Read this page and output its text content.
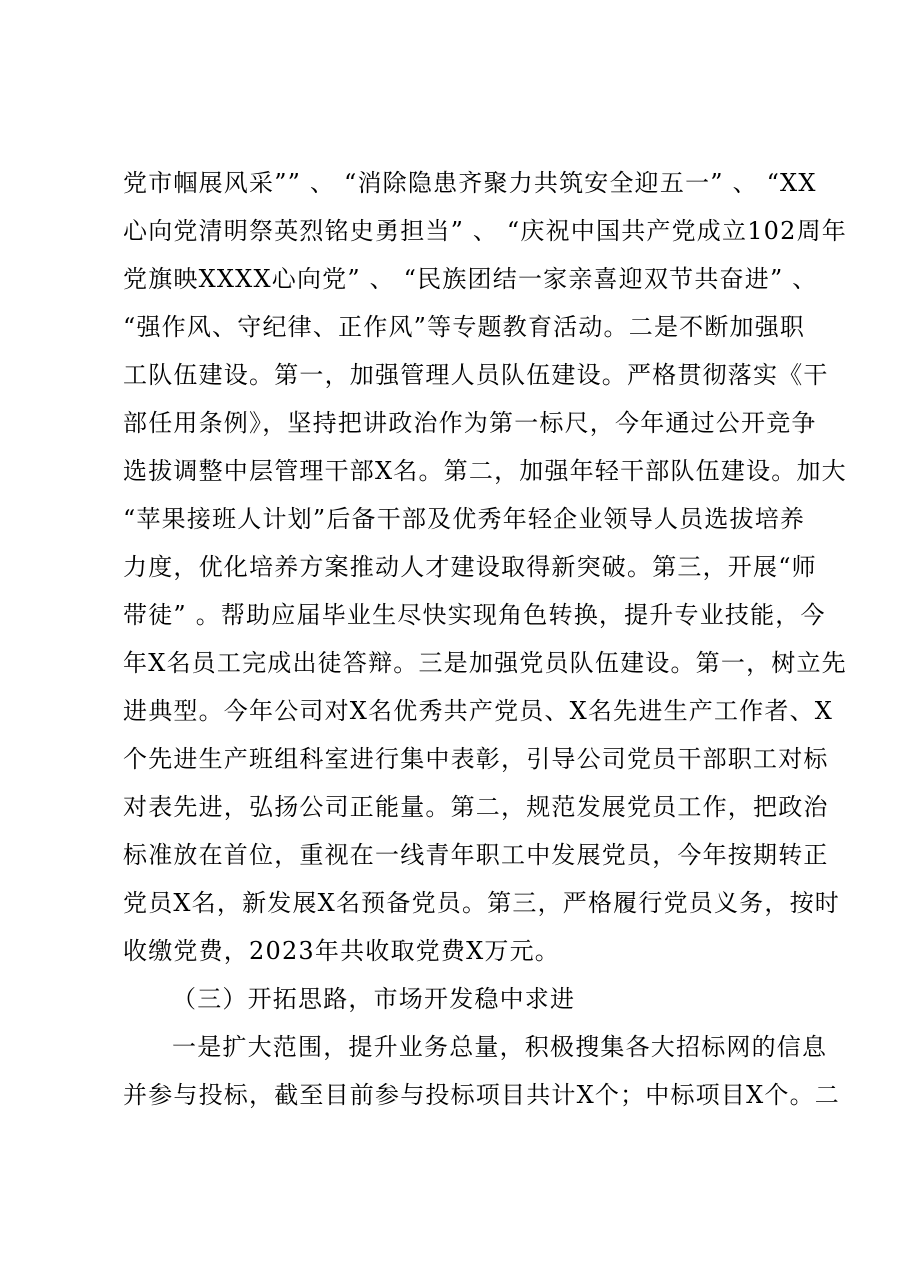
党市帼展风采”” 、 “消除隐患齐聚力共筑安全迎五一” 、 “XX
心向党清明祭英烈铭史勇担当” 、 “庆祝中国共产党成立102周年
党旗映XXXX心向党” 、 “民族团结一家亲喜迎双节共奋进” 、
“强作风、守纪律、正作风”等专题教育活动。二是不断加强职
工队伍建设。第一，加强管理人员队伍建设。严格贯彻落实《干
部任用条例》，坚持把讲政治作为第一标尺，今年通过公开竞争
选拔调整中层管理干部X名。第二，加强年轻干部队伍建设。加大
“苹果接班人计划”后备干部及优秀年轻企业领导人员选拔培养
力度，优化培养方案推动人才建设取得新突破。第三，开展“师
带徒” 。帮助应届毕业生尽快实现角色转换，提升专业技能，今
年X名员工完成出徒答辩。三是加强党员队伍建设。第一，树立先
进典型。今年公司对X名优秀共产党员、X名先进生产工作者、X
个先进生产班组科室进行集中表彰，引导公司党员干部职工对标
对表先进，弘扬公司正能量。第二，规范发展党员工作，把政治
标准放在首位，重视在一线青年职工中发展党员，今年按期转正
党员X名，新发展X名预备党员。第三，严格履行党员义务，按时
收缴党费，2023年共收取党费X万元。
（三）开拓思路，市场开发稳中求进
一是扩大范围，提升业务总量，积极搜集各大招标网的信息
并参与投标，截至目前参与投标项目共计X个；中标项目X个。二
